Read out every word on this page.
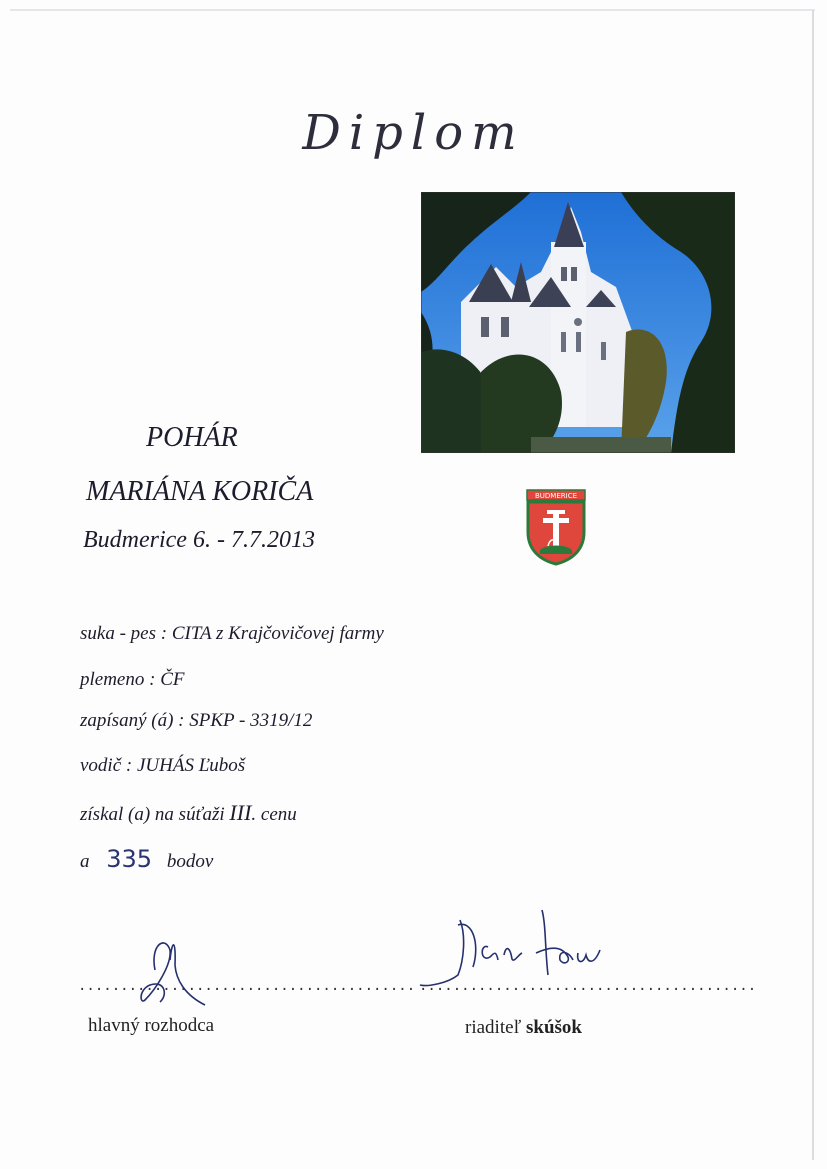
Diplom
BUDMERICE
POHÁR
MARIÁNA KORIČA
Budmerice 6. - 7.7.2013
suka - pes : CITA z Krajčovičovej farmy
plemeno : ČF
zapísaný (á) : SPKP - 3319/12
vodič : JUHÁS Ľuboš
získal (a) na súťaži III. cenu
a 335 bodov
........................................ ........................................
hlavný rozhodca	riaditeľ skúšok
